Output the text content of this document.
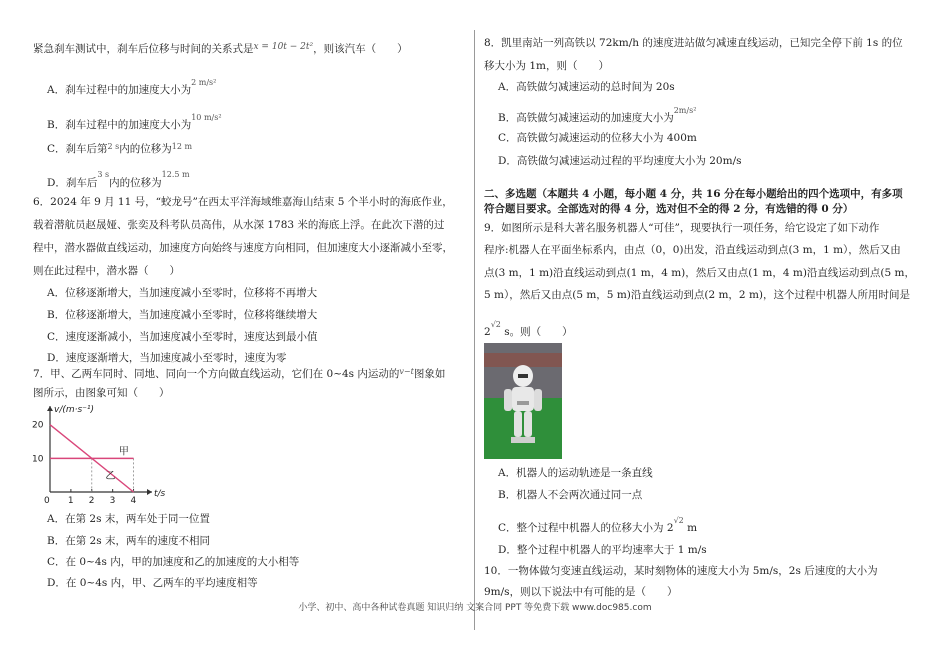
紧急刹车测试中，刹车后位移与时间的关系式是x = 10t − 2t²，则该汽车（　　）
A．刹车过程中的加速度大小为$^{2 m/s^2}$
B．刹车过程中的加速度大小为$^{10 m/s^2}$
C．刹车后第$^{2 s}$内的位移为$^{12 m}$
D．刹车后$^{3 s}$内的位移为$^{12.5 m}$
6．2024 年 9 月 11 号，“蛟龙号”在西太平洋海域维嘉海山结束 5 个半小时的海底作业，
载着潜航员赵晟娅、张奕及科考队员高伟，从水深 1783 米的海底上浮。在此次下潜的过
程中，潜水器做直线运动，加速度方向始终与速度方向相同，但加速度大小逐渐减小至零，
则在此过程中，潜水器（　　）
A．位移逐渐增大，当加速度减小至零时，位移将不再增大
B．位移逐渐增大，当加速度减小至零时，位移将继续增大
C．速度逐渐减小，当加速度减小至零时，速度达到最小值
D．速度逐渐增大，当加速度减小至零时，速度为零
7．甲、乙两车同时、同地、同向一个方向做直线运动，它们在 0~4s 内运动的$^{v-t}$图象如
图所示，由图象可知（　　）
v/(m·s⁻¹)
t/s
0 1 2 3 4
10
20
甲
乙
A．在第 2s 末，两车处于同一位置
B．在第 2s 末，两车的速度不相同
C．在 0~4s 内，甲的加速度和乙的加速度的大小相等
D．在 0~4s 内，甲、乙两车的平均速度相等
8．凯里南站一列高铁以 72km/h 的速度进站做匀减速直线运动，已知完全停下前 1s 的位
移大小为 1m，则（　　）
A．高铁做匀减速运动的总时间为 20s
B．高铁做匀减速运动的加速度大小为$^{2m/s^2}$
C．高铁做匀减速运动的位移大小为 400m
D．高铁做匀减速运动过程的平均速度大小为 20m/s
二、多选题（本题共 4 小题，每小题 4 分，共 16 分在每小题给出的四个选项中，有多项
符合题目要求。全部选对的得 4 分，选对但不全的得 2 分，有选错的得 0 分）
9．如图所示是科大著名服务机器人“可佳”，现要执行一项任务，给它设定了如下动作
程序:机器人在平面坐标系内，由点（0，0)出发，沿直线运动到点(3 m，1 m），然后又由
点(3 m，1 m)沿直线运动到点(1 m，4 m)，然后又由点(1 m，4 m)沿直线运动到点(5 m，
5 m），然后又由点(5 m，5 m)沿直线运动到点(2 m，2 m)，这个过程中机器人所用时间是
$2^{√2}$ s。则（　　）
A．机器人的运动轨迹是一条直线
B．机器人不会两次通过同一点
C．整个过程中机器人的位移大小为 $2^{√2}$ m
D．整个过程中机器人的平均速率大于 1 m/s
10．一物体做匀变速直线运动，某时刻物体的速度大小为 5m/s，2s 后速度的大小为
9m/s，则以下说法中有可能的是（　　）
小学、初中、高中各种试卷真题 知识归纳 文案合同 PPT 等免费下载 www.doc985.com
